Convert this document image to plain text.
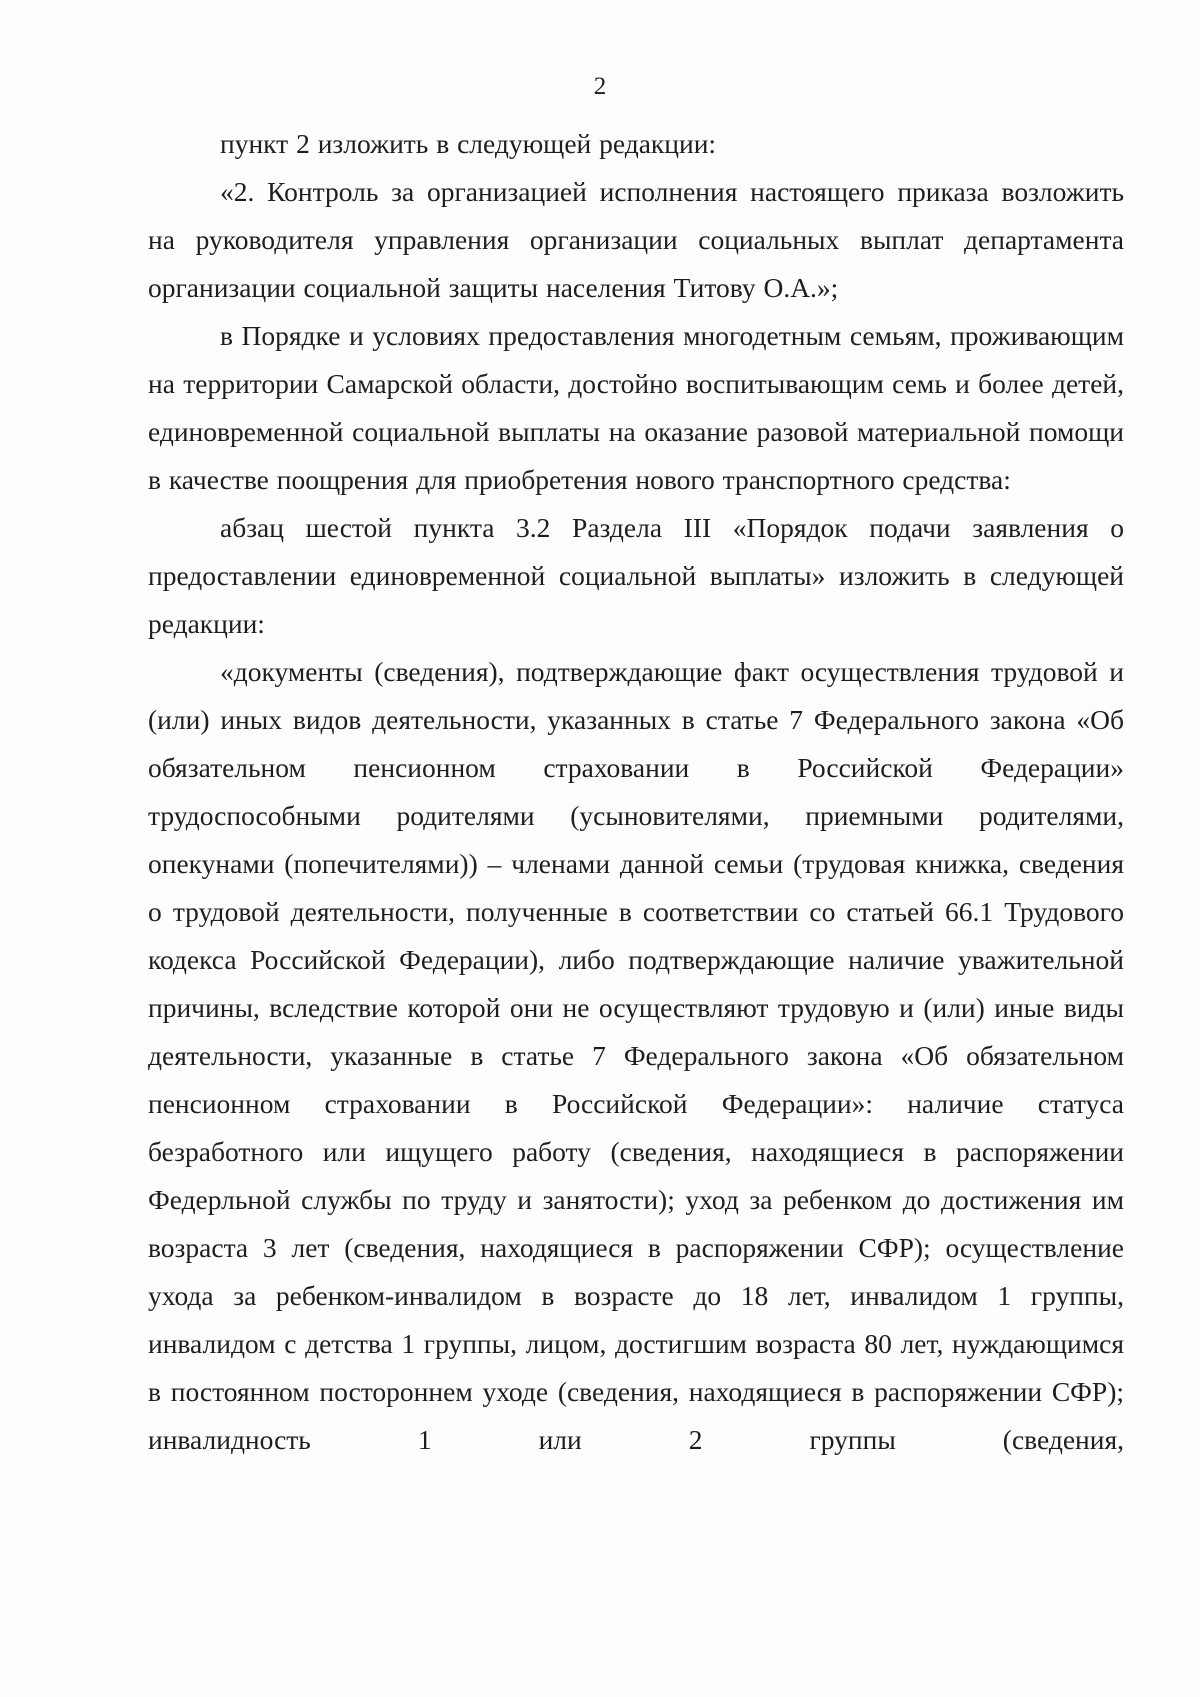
2

пункт 2 изложить в следующей редакции:

«2. Контроль за организацией исполнения настоящего приказа возложить на руководителя управления организации социальных выплат департамента организации социальной защиты населения Титову О.А.»;

в Порядке и условиях предоставления многодетным семьям, проживающим на территории Самарской области, достойно воспитывающим семь и более детей, единовременной социальной выплаты на оказание разовой материальной помощи в качестве поощрения для приобретения нового транспортного средства:

абзац шестой пункта 3.2 Раздела III «Порядок подачи заявления о предоставлении единовременной социальной выплаты» изложить в следующей редакции:

«документы (сведения), подтверждающие факт осуществления трудовой и (или) иных видов деятельности, указанных в статье 7 Федерального закона «Об обязательном пенсионном страховании в Российской Федерации» трудоспособными родителями (усыновителями, приемными родителями, опекунами (попечителями)) – членами данной семьи (трудовая книжка, сведения о трудовой деятельности, полученные в соответствии со статьей 66.1 Трудового кодекса Российской Федерации), либо подтверждающие наличие уважительной причины, вследствие которой они не осуществляют трудовую и (или) иные виды деятельности, указанные в статье 7 Федерального закона «Об обязательном пенсионном страховании в Российской Федерации»: наличие статуса безработного или ищущего работу (сведения, находящиеся в распоряжении Федерльной службы по труду и занятости); уход за ребенком до достижения им возраста 3 лет (сведения, находящиеся в распоряжении СФР); осуществление ухода за ребенком-инвалидом в возрасте до 18 лет, инвалидом 1 группы, инвалидом с детства 1 группы, лицом, достигшим возраста 80 лет, нуждающимся в постоянном постороннем уходе (сведения, находящиеся в распоряжении СФР); инвалидность 1 или 2 группы (сведения,
